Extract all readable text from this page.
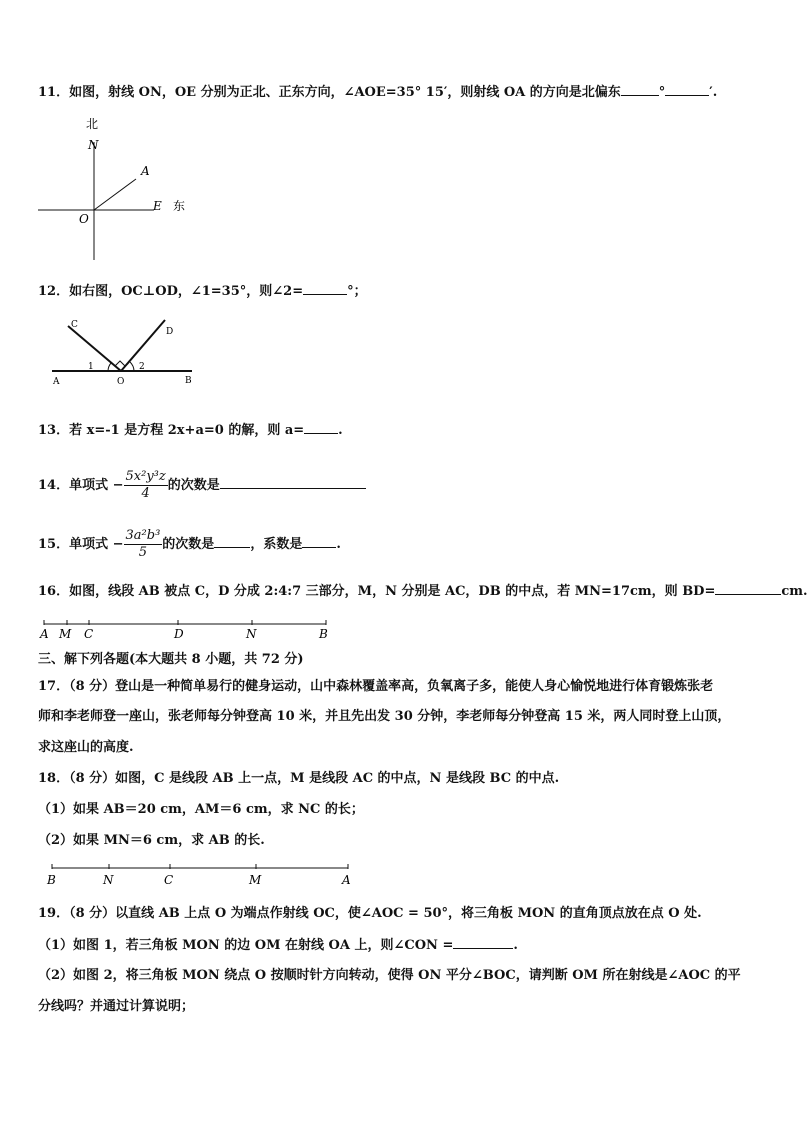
11．如图，射线 ON，OE 分别为正北、正东方向，∠AOE=35° 15′，则射线 OA 的方向是北偏东	°	′.
北
N
A
O
E 东
12．如右图，OC⊥OD，∠1=35°，则∠2=	°；
C
D
A	O	B
1	2
13．若 x=-1 是方程 2x+a=0 的解，则 a=	.
14．单项式 − $\frac{\text{5x²y³z}}{4}$ 的次数是
15．单项式 − $\frac{\text{3a²b³}}{5}$ 的次数是	，系数是	.
16．如图，线段 AB 被点 C，D 分成 2:4:7 三部分，M，N 分别是 AC，DB 的中点，若 MN=17cm，则 BD=	cm.
A M C	D	N	B
三、解下列各题(本大题共 8 小题，共 72 分)
17．（8 分）登山是一种简单易行的健身运动，山中森林覆盖率高，负氧离子多，能使人身心愉悦地进行体育锻炼张老
师和李老师登一座山，张老师每分钟登高 10 米，并且先出发 30 分钟，李老师每分钟登高 15 米，两人同时登上山顶，
求这座山的高度.
18．（8 分）如图，C 是线段 AB 上一点，M 是线段 AC 的中点，N 是线段 BC 的中点.
（1）如果 AB＝20 cm，AM＝6 cm，求 NC 的长；
（2）如果 MN＝6 cm，求 AB 的长.
B	N	C	M	A
19．（8 分）以直线 AB 上点 O 为端点作射线 OC，使∠AOC = 50°，将三角板 MON 的直角顶点放在点 O 处.
（1）如图 1，若三角板 MON 的边 OM 在射线 OA 上，则∠CON =	.
（2）如图 2，将三角板 MON 绕点 O 按顺时针方向转动，使得 ON 平分∠BOC，请判断 OM 所在射线是∠AOC 的平
分线吗？并通过计算说明；
